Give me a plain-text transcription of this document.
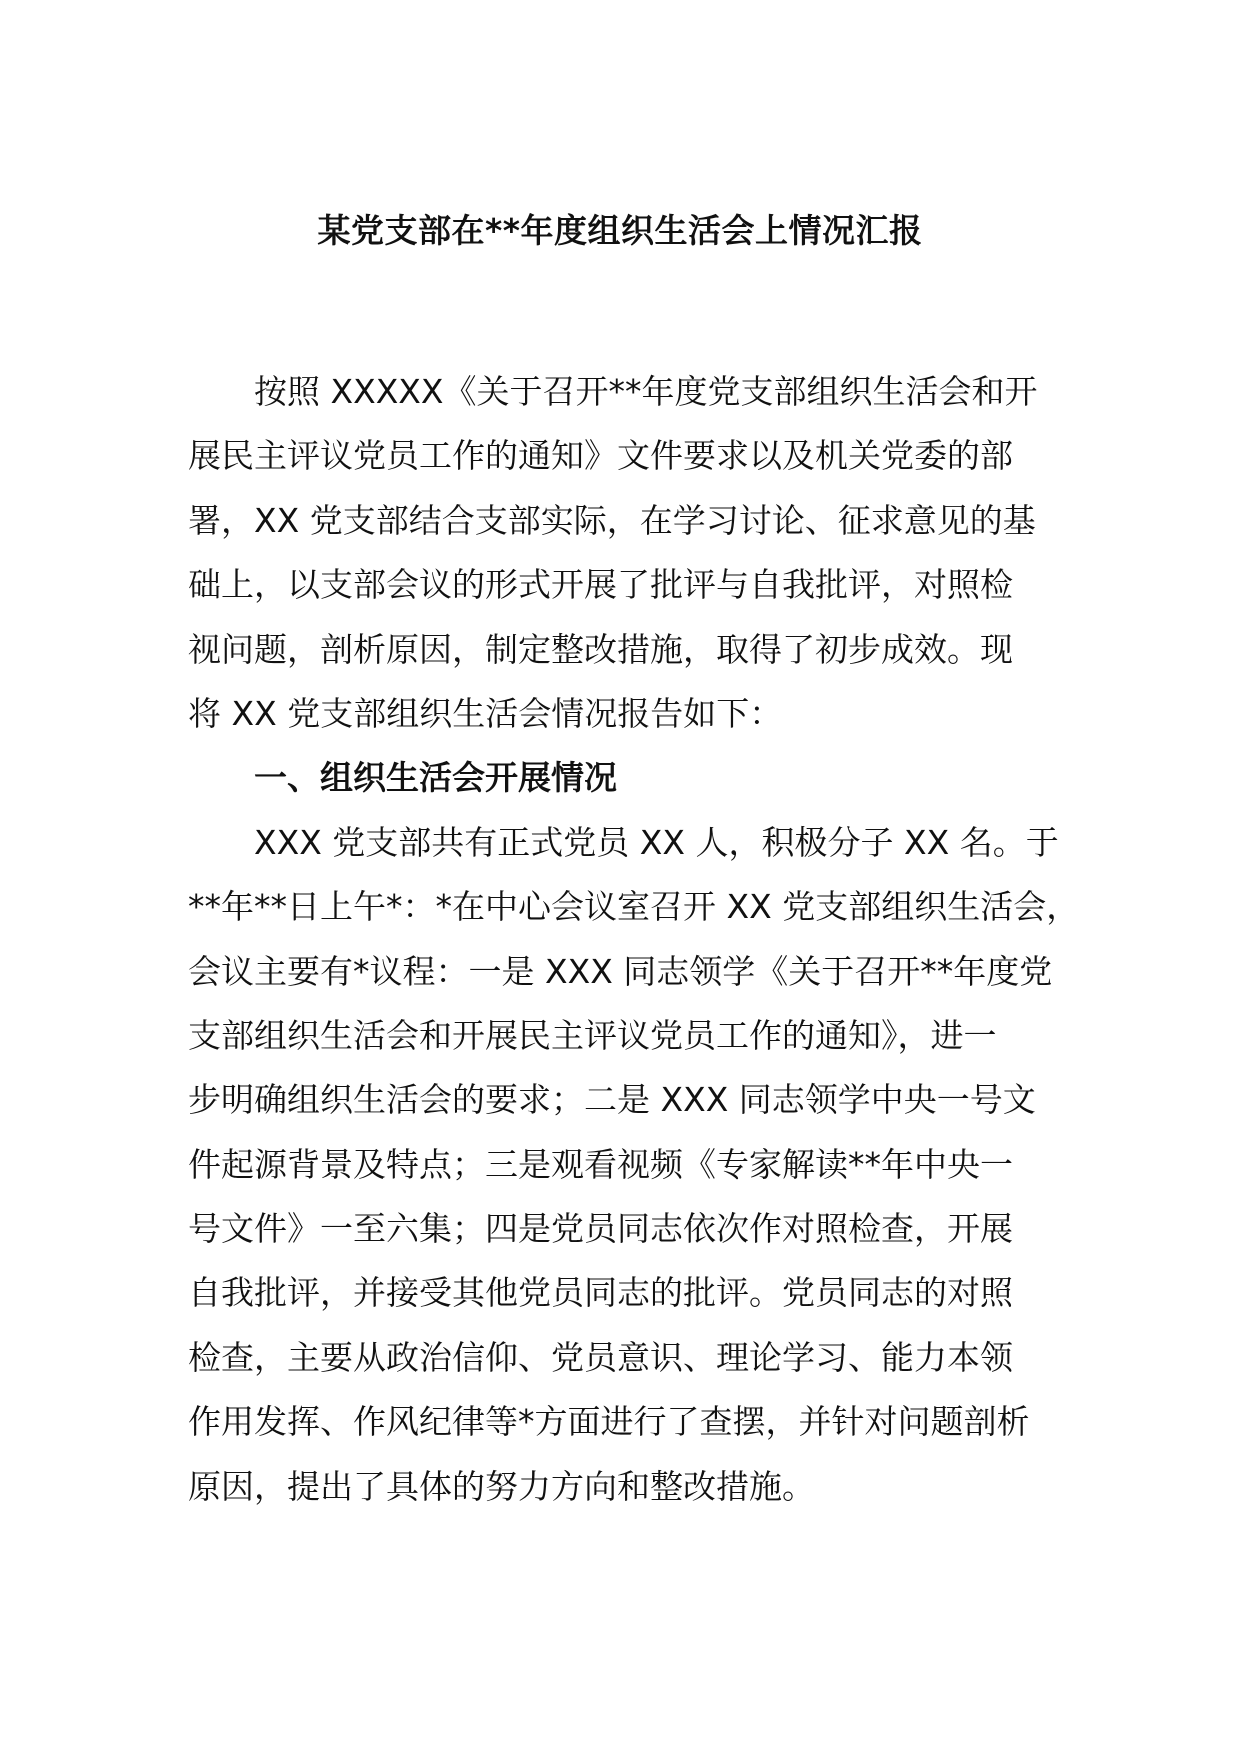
某党支部在**年度组织生活会上情况汇报
按照 XXXXX《关于召开**年度党支部组织生活会和开
展民主评议党员工作的通知》文件要求以及机关党委的部
署，XX 党支部结合支部实际，在学习讨论、征求意见的基
础上，以支部会议的形式开展了批评与自我批评，对照检
视问题，剖析原因，制定整改措施，取得了初步成效。现
将 XX 党支部组织生活会情况报告如下：
一、组织生活会开展情况
XXX 党支部共有正式党员 XX 人，积极分子 XX 名。于
**年**日上午*：*在中心会议室召开 XX 党支部组织生活会，
会议主要有*议程：一是 XXX 同志领学《关于召开**年度党
支部组织生活会和开展民主评议党员工作的通知》，进一
步明确组织生活会的要求；二是 XXX 同志领学中央一号文
件起源背景及特点；三是观看视频《专家解读**年中央一
号文件》一至六集；四是党员同志依次作对照检查，开展
自我批评，并接受其他党员同志的批评。党员同志的对照
检查，主要从政治信仰、党员意识、理论学习、能力本领
作用发挥、作风纪律等*方面进行了查摆，并针对问题剖析
原因，提出了具体的努力方向和整改措施。
